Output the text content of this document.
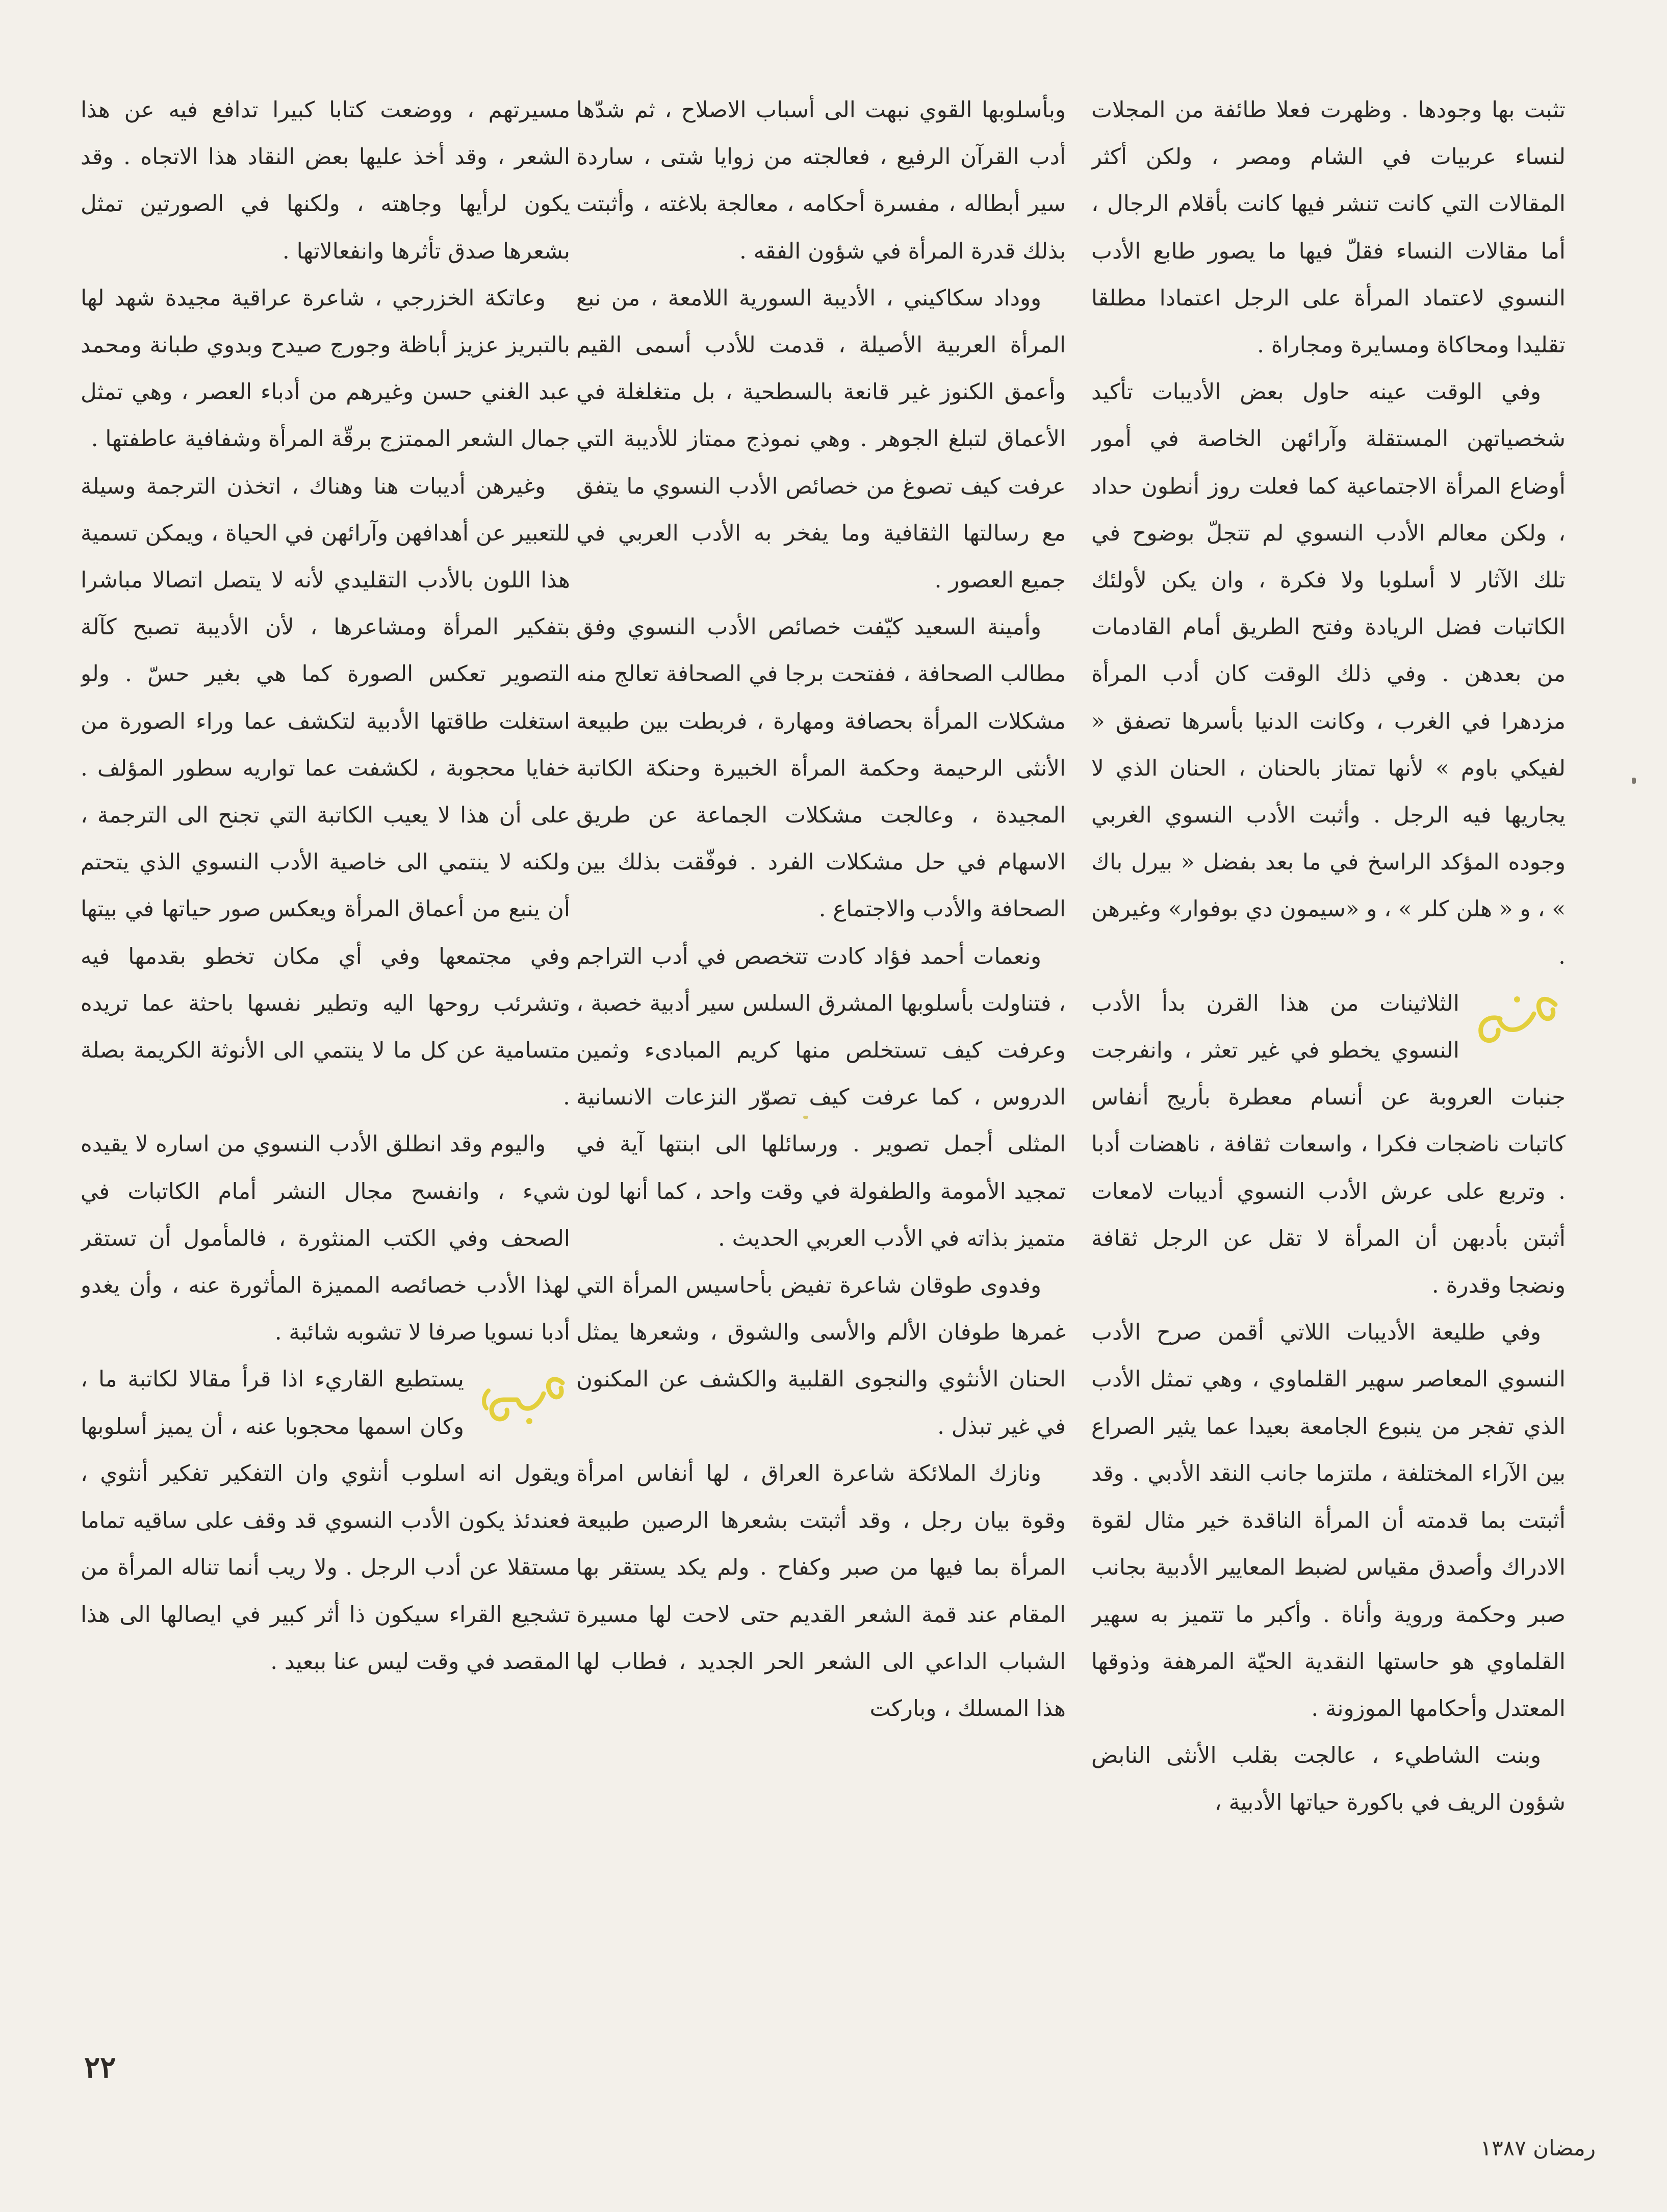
تثبت بها وجودها . وظهرت فعلا طائفة من المجلات لنساء عربيات في الشام ومصر ، ولكن أكثر المقالات التي كانت تنشر فيها كانت بأقلام الرجال ، أما مقالات النساء فقلّ فيها ما يصور طابع الأدب النسوي لاعتماد المرأة على الرجل اعتمادا مطلقا تقليدا ومحاكاة ومسايرة ومجاراة .

وفي الوقت عينه حاول بعض الأديبات تأكيد شخصياتهن المستقلة وآرائهن الخاصة في أمور أوضاع المرأة الاجتماعية كما فعلت روز أنطون حداد ، ولكن معالم الأدب النسوي لم تتجلّ بوضوح في تلك الآثار لا أسلوبا ولا فكرة ، وان يكن لأولئك الكاتبات فضل الريادة وفتح الطريق أمام القادمات من بعدهن . وفي ذلك الوقت كان أدب المرأة مزدهرا في الغرب ، وكانت الدنيا بأسرها تصفق « لفيكي باوم » لأنها تمتاز بالحنان ، الحنان الذي لا يجاريها فيه الرجل . وأثبت الأدب النسوي الغربي وجوده المؤكد الراسخ في ما بعد بفضل « بيرل باك » ، و « هلن كلر » ، و «سيمون دي بوفوار» وغيرهن .

الثلاثينات من هذا القرن بدأ الأدب النسوي يخطو في غير تعثر ، وانفرجت جنبات العروبة عن أنسام معطرة بأريج أنفاس كاتبات ناضجات فكرا ، واسعات ثقافة ، ناهضات أدبا . وتربع على عرش الأدب النسوي أديبات لامعات أثبتن بأدبهن أن المرأة لا تقل عن الرجل ثقافة ونضجا وقدرة .

وفي طليعة الأديبات اللاتي أقمن صرح الأدب النسوي المعاصر سهير القلماوي ، وهي تمثل الأدب الذي تفجر من ينبوع الجامعة بعيدا عما يثير الصراع بين الآراء المختلفة ، ملتزما جانب النقد الأدبي . وقد أثبتت بما قدمته أن المرأة الناقدة خير مثال لقوة الادراك وأصدق مقياس لضبط المعايير الأدبية بجانب صبر وحكمة وروية وأناة . وأكبر ما تتميز به سهير القلماوي هو حاستها النقدية الحيّة المرهفة وذوقها المعتدل وأحكامها الموزونة .

وبنت الشاطيء ، عالجت بقلب الأنثى النابض شؤون الريف في باكورة حياتها الأدبية ،

وبأسلوبها القوي نبهت الى أسباب الاصلاح ، ثم شدّها أدب القرآن الرفيع ، فعالجته من زوايا شتى ، ساردة سير أبطاله ، مفسرة أحكامه ، معالجة بلاغته ، وأثبتت بذلك قدرة المرأة في شؤون الفقه .

ووداد سكاكيني ، الأديبة السورية اللامعة ، من نبع المرأة العربية الأصيلة ، قدمت للأدب أسمى القيم وأعمق الكنوز غير قانعة بالسطحية ، بل متغلغلة في الأعماق لتبلغ الجوهر . وهي نموذج ممتاز للأديبة التي عرفت كيف تصوغ من خصائص الأدب النسوي ما يتفق مع رسالتها الثقافية وما يفخر به الأدب العربي في جميع العصور .

وأمينة السعيد كيّفت خصائص الأدب النسوي وفق مطالب الصحافة ، ففتحت برجا في الصحافة تعالج منه مشكلات المرأة بحصافة ومهارة ، فربطت بين طبيعة الأنثى الرحيمة وحكمة المرأة الخبيرة وحنكة الكاتبة المجيدة ، وعالجت مشكلات الجماعة عن طريق الاسهام في حل مشكلات الفرد . فوفّقت بذلك بين الصحافة والأدب والاجتماع .

ونعمات أحمد فؤاد كادت تتخصص في أدب التراجم ، فتناولت بأسلوبها المشرق السلس سير أدبية خصبة ، وعرفت كيف تستخلص منها كريم المبادىء وثمين الدروس ، كما عرفت كيف تصوّر النزعات الانسانية المثلى أجمل تصوير . ورسائلها الى ابنتها آية في تمجيد الأمومة والطفولة في وقت واحد ، كما أنها لون متميز بذاته في الأدب العربي الحديث .

وفدوى طوقان شاعرة تفيض بأحاسيس المرأة التي غمرها طوفان الألم والأسى والشوق ، وشعرها يمثل الحنان الأنثوي والنجوى القلبية والكشف عن المكنون في غير تبذل .

ونازك الملائكة شاعرة العراق ، لها أنفاس امرأة وقوة بيان رجل ، وقد أثبتت بشعرها الرصين طبيعة المرأة بما فيها من صبر وكفاح . ولم يكد يستقر بها المقام عند قمة الشعر القديم حتى لاحت لها مسيرة الشباب الداعي الى الشعر الحر الجديد ، فطاب لها هذا المسلك ، وباركت

مسيرتهم ، ووضعت كتابا كبيرا تدافع فيه عن هذا الشعر ، وقد أخذ عليها بعض النقاد هذا الاتجاه . وقد يكون لرأيها وجاهته ، ولكنها في الصورتين تمثل بشعرها صدق تأثرها وانفعالاتها .

وعاتكة الخزرجي ، شاعرة عراقية مجيدة شهد لها بالتبريز عزيز أباظة وجورج صيدح وبدوي طبانة ومحمد عبد الغني حسن وغيرهم من أدباء العصر ، وهي تمثل جمال الشعر الممتزج برقّة المرأة وشفافية عاطفتها .

وغيرهن أديبات هنا وهناك ، اتخذن الترجمة وسيلة للتعبير عن أهدافهن وآرائهن في الحياة ، ويمكن تسمية هذا اللون بالأدب التقليدي لأنه لا يتصل اتصالا مباشرا بتفكير المرأة ومشاعرها ، لأن الأديبة تصبح كآلة التصوير تعكس الصورة كما هي بغير حسّ . ولو استغلت طاقتها الأدبية لتكشف عما وراء الصورة من خفايا محجوبة ، لكشفت عما تواريه سطور المؤلف . على أن هذا لا يعيب الكاتبة التي تجنح الى الترجمة ، ولكنه لا ينتمي الى خاصية الأدب النسوي الذي يتحتم أن ينبع من أعماق المرأة ويعكس صور حياتها في بيتها وفي مجتمعها وفي أي مكان تخطو بقدمها فيه وتشرئب روحها اليه وتطير نفسها باحثة عما تريده متسامية عن كل ما لا ينتمي الى الأنوثة الكريمة بصلة .

واليوم وقد انطلق الأدب النسوي من اساره لا يقيده شيء ، وانفسح مجال النشر أمام الكاتبات في الصحف وفي الكتب المنثورة ، فالمأمول أن تستقر لهذا الأدب خصائصه المميزة المأثورة عنه ، وأن يغدو أدبا نسويا صرفا لا تشوبه شائبة .

يستطيع القاريء اذا قرأ مقالا لكاتبة ما ، وكان اسمها محجوبا عنه ، أن يميز أسلوبها ويقول انه اسلوب أنثوي وان التفكير تفكير أنثوي ، فعندئذ يكون الأدب النسوي قد وقف على ساقيه تماما مستقلا عن أدب الرجل . ولا ريب أنما تناله المرأة من تشجيع القراء سيكون ذا أثر كبير في ايصالها الى هذا المقصد في وقت ليس عنا ببعيد .

٢٢
رمضان ١٣٨٧
